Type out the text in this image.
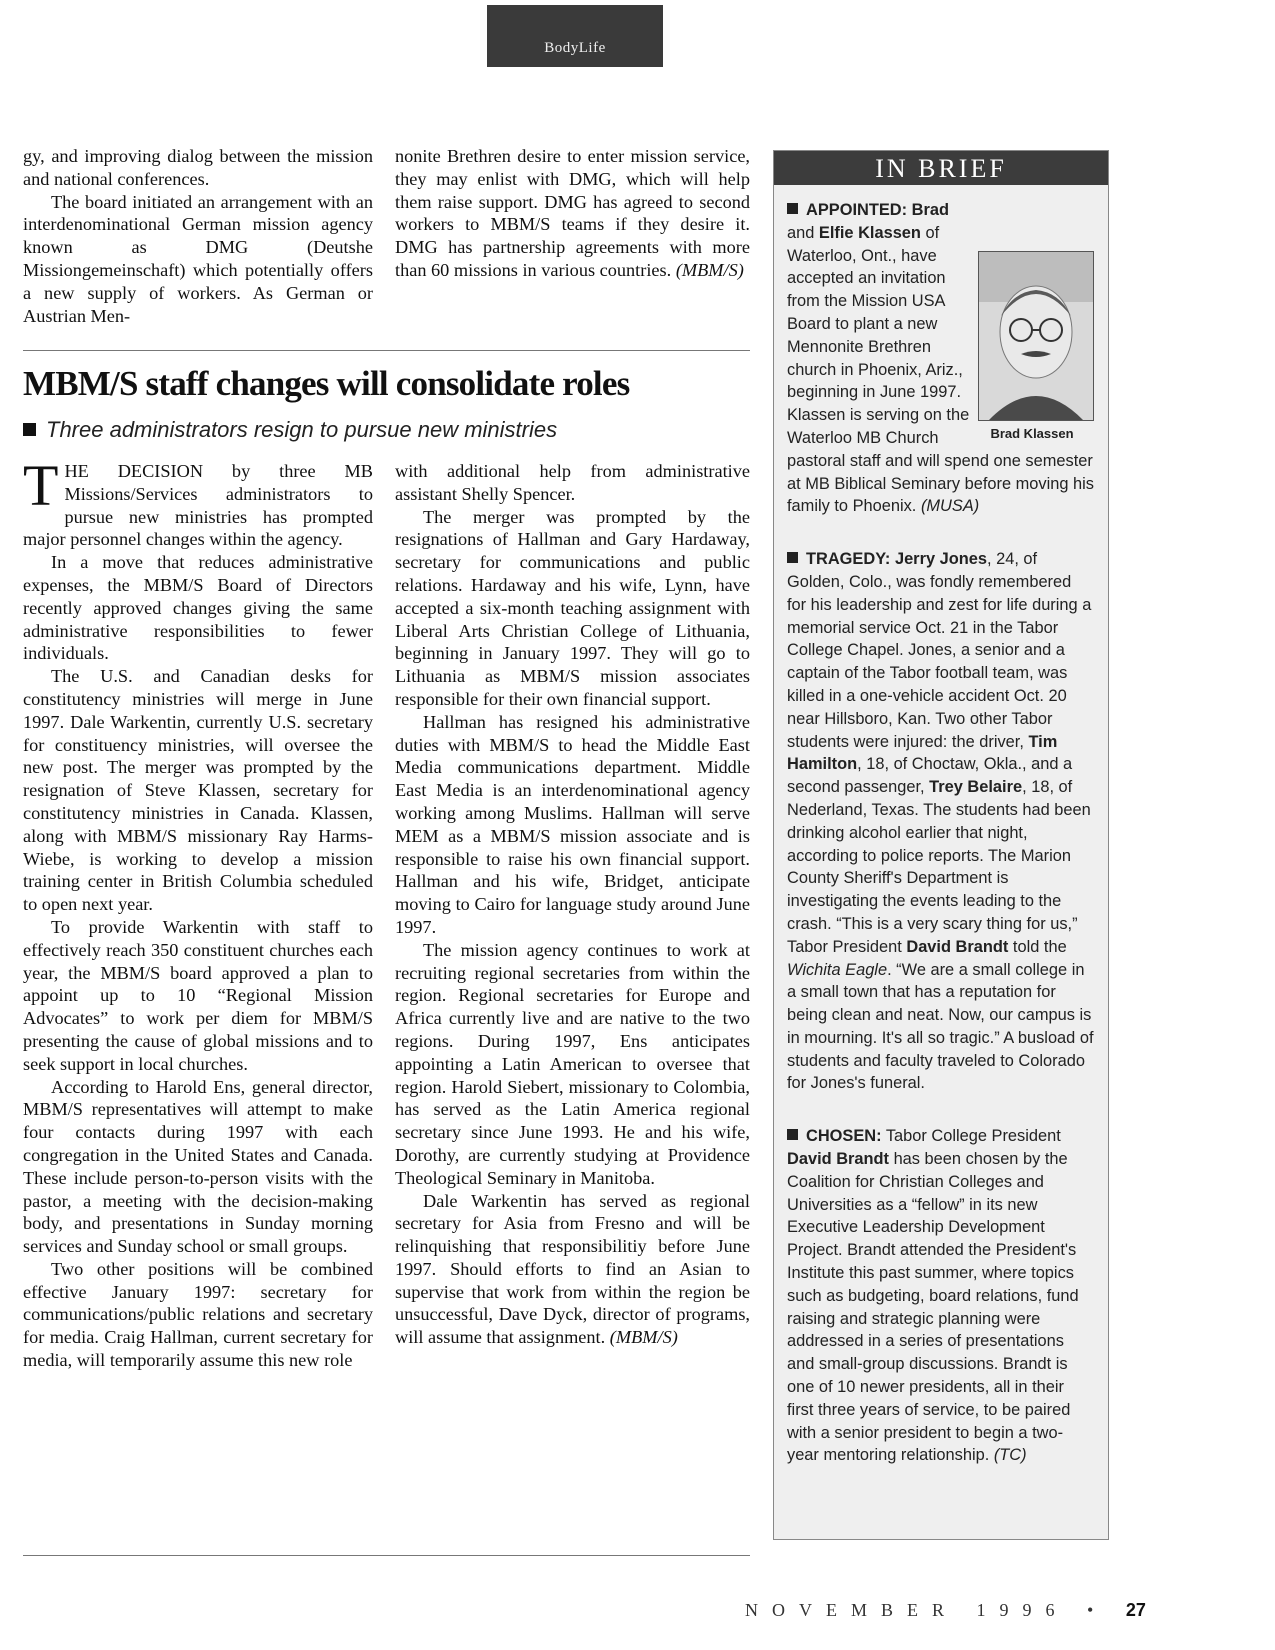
BodyLife

gy, and improving dialog between the mission and national conferences.

The board initiated an arrangement with an interdenominational German mission agency known as DMG (Deutshe Missiongemeinschaft) which potentially offers a new supply of workers. As German or Austrian Men-

nonite Brethren desire to enter mission service, they may enlist with DMG, which will help them raise support. DMG has agreed to second workers to MBM/S teams if they desire it. DMG has partnership agreements with more than 60 missions in various countries. (MBM/S)

MBM/S staff changes will consolidate roles
Three administrators resign to pursue new ministries

THE DECISION by three MB Missions/Services administrators to pursue new ministries has prompted major personnel changes within the agency.

In a move that reduces administrative expenses, the MBM/S Board of Directors recently approved changes giving the same administrative responsibilities to fewer individuals.

The U.S. and Canadian desks for constitutency ministries will merge in June 1997. Dale Warkentin, currently U.S. secretary for constituency ministries, will oversee the new post. The merger was prompted by the resignation of Steve Klassen, secretary for constitutency ministries in Canada. Klassen, along with MBM/S missionary Ray Harms-Wiebe, is working to develop a mission training center in British Columbia scheduled to open next year.

To provide Warkentin with staff to effectively reach 350 constituent churches each year, the MBM/S board approved a plan to appoint up to 10 “Regional Mission Advocates” to work per diem for MBM/S presenting the cause of global missions and to seek support in local churches.

According to Harold Ens, general director, MBM/S representatives will attempt to make four contacts during 1997 with each congregation in the United States and Canada. These include person-to-person visits with the pastor, a meeting with the decision-making body, and presentations in Sunday morning services and Sunday school or small groups.

Two other positions will be combined effective January 1997: secretary for communications/public relations and secretary for media. Craig Hallman, current secretary for media, will temporarily assume this new role

with additional help from administrative assistant Shelly Spencer.

The merger was prompted by the resignations of Hallman and Gary Hardaway, secretary for communications and public relations. Hardaway and his wife, Lynn, have accepted a six-month teaching assignment with Liberal Arts Christian College of Lithuania, beginning in January 1997. They will go to Lithuania as MBM/S mission associates responsible for their own financial support.

Hallman has resigned his administrative duties with MBM/S to head the Middle East Media communications department. Middle East Media is an interdenominational agency working among Muslims. Hallman will serve MEM as a MBM/S mission associate and is responsible to raise his own financial support. Hallman and his wife, Bridget, anticipate moving to Cairo for language study around June 1997.

The mission agency continues to work at recruiting regional secretaries from within the region. Regional secretaries for Europe and Africa currently live and are native to the two regions. During 1997, Ens anticipates appointing a Latin American to oversee that region. Harold Siebert, missionary to Colombia, has served as the Latin America regional secretary since June 1993. He and his wife, Dorothy, are currently studying at Providence Theological Seminary in Manitoba.

Dale Warkentin has served as regional secretary for Asia from Fresno and will be relinquishing that responsibilitiy before June 1997. Should efforts to find an Asian to supervise that work from within the region be unsuccessful, Dave Dyck, director of programs, will assume that assignment. (MBM/S)

IN BRIEF
Brad Klassen
APPOINTED: Brad and Elfie Klassen of Waterloo, Ont., have accepted an invitation from the Mission USA Board to plant a new Mennonite Brethren church in Phoenix, Ariz., beginning in June 1997. Klassen is serving on the Waterloo MB Church pastoral staff and will spend one semester at MB Biblical Seminary before moving his family to Phoenix. (MUSA)
TRAGEDY: Jerry Jones, 24, of Golden, Colo., was fondly remembered for his leadership and zest for life during a memorial service Oct. 21 in the Tabor College Chapel. Jones, a senior and a captain of the Tabor football team, was killed in a one-vehicle accident Oct. 20 near Hillsboro, Kan. Two other Tabor students were injured: the driver, Tim Hamilton, 18, of Choctaw, Okla., and a second passenger, Trey Belaire, 18, of Nederland, Texas. The students had been drinking alcohol earlier that night, according to police reports. The Marion County Sheriff's Department is investigating the events leading to the crash. “This is a very scary thing for us,” Tabor President David Brandt told the Wichita Eagle. “We are a small college in a small town that has a reputation for being clean and neat. Now, our campus is in mourning. It's all so tragic.” A busload of students and faculty traveled to Colorado for Jones's funeral.
CHOSEN: Tabor College President David Brandt has been chosen by the Coalition for Christian Colleges and Universities as a “fellow” in its new Executive Leadership Development Project. Brandt attended the President's Institute this past summer, where topics such as budgeting, board relations, fund raising and strategic planning were addressed in a series of presentations and small-group discussions. Brandt is one of 10 newer presidents, all in their first three years of service, to be paired with a senior president to begin a two-year mentoring relationship. (TC)
NOVEMBER 1996 • 27
